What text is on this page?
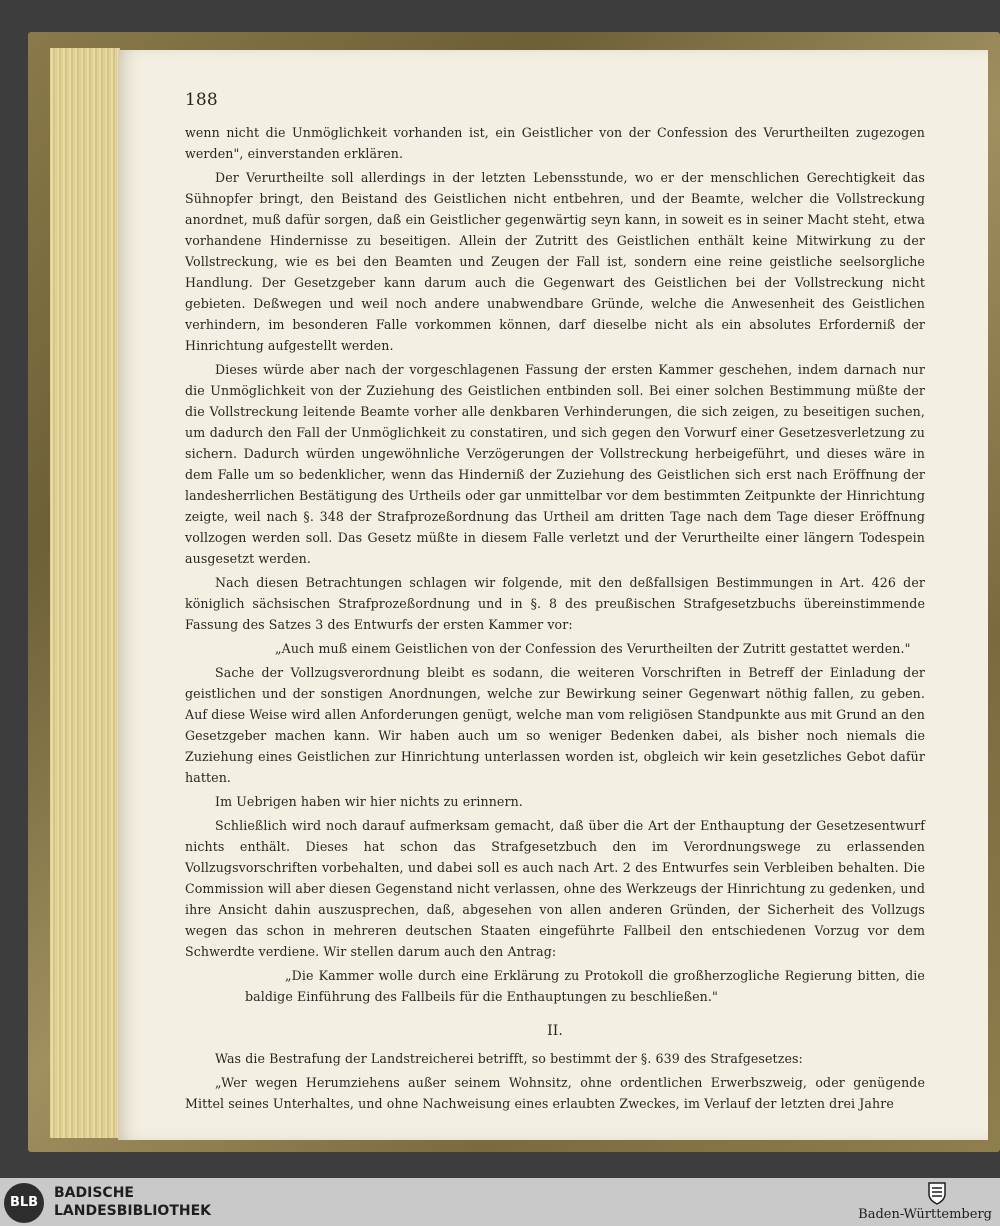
188

wenn nicht die Unmöglichkeit vorhanden ist, ein Geistlicher von der Confession des Verurtheilten zugezogen werden", einverstanden erklären.

Der Verurtheilte soll allerdings in der letzten Lebensstunde, wo er der menschlichen Gerechtigkeit das Sühnopfer bringt, den Beistand des Geistlichen nicht entbehren, und der Beamte, welcher die Vollstreckung anordnet, muß dafür sorgen, daß ein Geistlicher gegenwärtig seyn kann, in soweit es in seiner Macht steht, etwa vorhandene Hindernisse zu beseitigen. Allein der Zutritt des Geistlichen enthält keine Mitwirkung zu der Vollstreckung, wie es bei den Beamten und Zeugen der Fall ist, sondern eine reine geistliche seelsorgliche Handlung. Der Gesetzgeber kann darum auch die Gegenwart des Geistlichen bei der Vollstreckung nicht gebieten. Deßwegen und weil noch andere unabwendbare Gründe, welche die Anwesenheit des Geistlichen verhindern, im besonderen Falle vorkommen können, darf dieselbe nicht als ein absolutes Erforderniß der Hinrichtung aufgestellt werden.

Dieses würde aber nach der vorgeschlagenen Fassung der ersten Kammer geschehen, indem darnach nur die Unmöglichkeit von der Zuziehung des Geistlichen entbinden soll. Bei einer solchen Bestimmung müßte der die Vollstreckung leitende Beamte vorher alle denkbaren Verhinderungen, die sich zeigen, zu beseitigen suchen, um dadurch den Fall der Unmöglichkeit zu constatiren, und sich gegen den Vorwurf einer Gesetzesverletzung zu sichern. Dadurch würden ungewöhnliche Verzögerungen der Vollstreckung herbeigeführt, und dieses wäre in dem Falle um so bedenklicher, wenn das Hinderniß der Zuziehung des Geistlichen sich erst nach Eröffnung der landesherrlichen Bestätigung des Urtheils oder gar unmittelbar vor dem bestimmten Zeitpunkte der Hinrichtung zeigte, weil nach §. 348 der Strafprozeßordnung das Urtheil am dritten Tage nach dem Tage dieser Eröffnung vollzogen werden soll. Das Gesetz müßte in diesem Falle verletzt und der Verurtheilte einer längern Todespein ausgesetzt werden.

Nach diesen Betrachtungen schlagen wir folgende, mit den deßfallsigen Bestimmungen in Art. 426 der königlich sächsischen Strafprozeßordnung und in §. 8 des preußischen Strafgesetzbuchs übereinstimmende Fassung des Satzes 3 des Entwurfs der ersten Kammer vor:

„Auch muß einem Geistlichen von der Confession des Verurtheilten der Zutritt gestattet werden."

Sache der Vollzugsverordnung bleibt es sodann, die weiteren Vorschriften in Betreff der Einladung der geistlichen und der sonstigen Anordnungen, welche zur Bewirkung seiner Gegenwart nöthig fallen, zu geben. Auf diese Weise wird allen Anforderungen genügt, welche man vom religiösen Standpunkte aus mit Grund an den Gesetzgeber machen kann. Wir haben auch um so weniger Bedenken dabei, als bisher noch niemals die Zuziehung eines Geistlichen zur Hinrichtung unterlassen worden ist, obgleich wir kein gesetzliches Gebot dafür hatten.

Im Uebrigen haben wir hier nichts zu erinnern.

Schließlich wird noch darauf aufmerksam gemacht, daß über die Art der Enthauptung der Gesetzesentwurf nichts enthält. Dieses hat schon das Strafgesetzbuch den im Verordnungswege zu erlassenden Vollzugsvorschriften vorbehalten, und dabei soll es auch nach Art. 2 des Entwurfes sein Verbleiben behalten. Die Commission will aber diesen Gegenstand nicht verlassen, ohne des Werkzeugs der Hinrichtung zu gedenken, und ihre Ansicht dahin auszusprechen, daß, abgesehen von allen anderen Gründen, der Sicherheit des Vollzugs wegen das schon in mehreren deutschen Staaten eingeführte Fallbeil den entschiedenen Vorzug vor dem Schwerdte verdiene. Wir stellen darum auch den Antrag:

„Die Kammer wolle durch eine Erklärung zu Protokoll die großherzogliche Regierung bitten, die baldige Einführung des Fallbeils für die Enthauptungen zu beschließen."

II.

Was die Bestrafung der Landstreicherei betrifft, so bestimmt der §. 639 des Strafgesetzes:

„Wer wegen Herumziehens außer seinem Wohnsitz, ohne ordentlichen Erwerbszweig, oder genügende Mittel seines Unterhaltes, und ohne Nachweisung eines erlaubten Zweckes, im Verlauf der letzten drei Jahre

BLB
BADISCHE
LANDESBIBLIOTHEK	Baden-Württemberg
